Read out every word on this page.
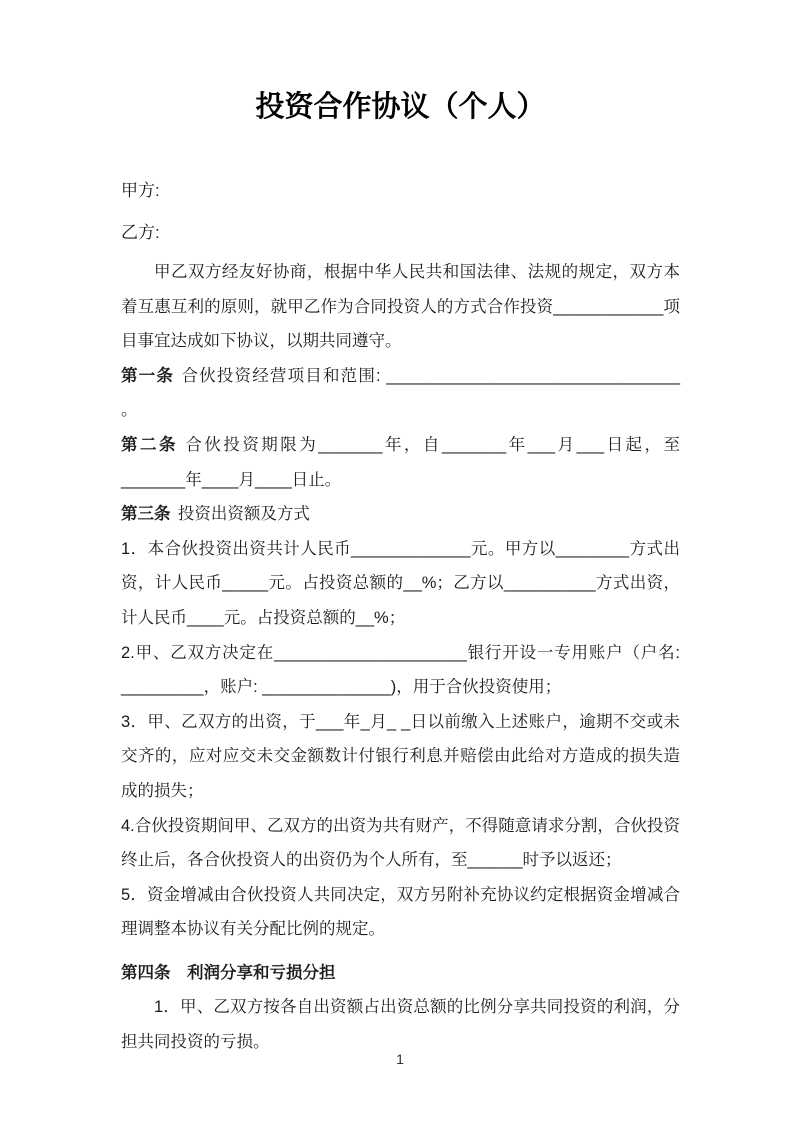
投资合作协议（个人）

甲方:

乙方:

甲乙双方经友好协商，根据中华人民共和国法律、法规的规定，双方本着互惠互利的原则，就甲乙作为合同投资人的方式合作投资____________项目事宜达成如下协议，以期共同遵守。

第一条 合伙投资经营项目和范围: ________________________________ 。

第二条 合伙投资期限为_______年，自_______年___月___日起，至_______年____月____日止。

第三条 投资出资额及方式

1．本合伙投资出资共计人民币_____________元。甲方以________方式出资，计人民币_____元。占投资总额的__%；乙方以__________方式出资，计人民币____元。占投资总额的__%；

2.甲、乙双方决定在_____________________银行开设一专用账户（户名: _________，账户: ______________)，用于合伙投资使用；

3．甲、乙双方的出资，于___年_月_ _日以前缴入上述账户，逾期不交或未交齐的，应对应交未交金额数计付银行利息并赔偿由此给对方造成的损失造成的损失；

4.合伙投资期间甲、乙双方的出资为共有财产，不得随意请求分割，合伙投资终止后，各合伙投资人的出资仍为个人所有，至______时予以返还；

5．资金增减由合伙投资人共同决定，双方另附补充协议约定根据资金增减合理调整本协议有关分配比例的规定。

第四条 利润分享和亏损分担

1．甲、乙双方按各自出资额占出资总额的比例分享共同投资的利润，分担共同投资的亏损。

1
